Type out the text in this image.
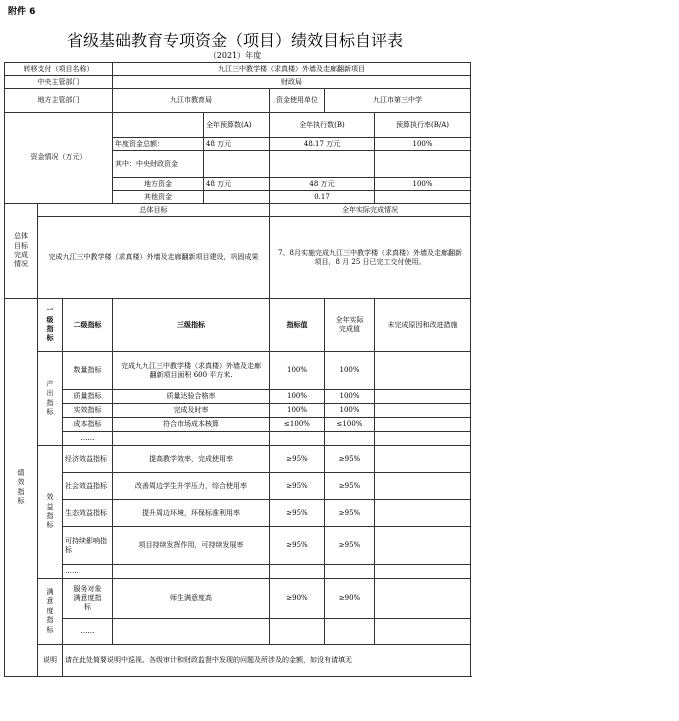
附件 6
省级基础教育专项资金（项目）绩效目标自评表
（2021）年度
转移支付（项目名称）			九江三中教学楼（求真楼）外墙及走廊翻新项目				
中央主管部门			财政局				
地方主管部门			九江市教育局		资金使用单位	九江市第三中学	

资金情况（万元）				全年预算数(A)	全年执行数(B)		预算执行率(B/A)
			年度资金总额：	48 万元	48.17 万元		100%
			其中：中央财政资金				
			地方资金	48 万元	48 万元		100%
			其他资金		0.17		

总体目标完成情况	总体目标				全年实际完成情况		

	完成九江三中教学楼（求真楼）外墙及走廊翻新项目建设，巩固成果				7、8月实施完成九江三中教学楼（求真楼）外墙及走廊翻新项目，8 月 25 日已完工交付使用。		

绩效指标	一级指标	二级指标	三级指标		指标值	全年实际完成值	未完成原因和改进措施

	产出指标	数量指标	完成九九江三中教学楼（求真楼）外墙及走廊翻新项目面积 600 平方米.		100%	100%	
		质量指标	质量达验合格率		100%	100%	
		实效指标	完成及时率		100%	100%	
		成本指标	符合市场成本核算		≤100%	≤100%	
		……					

	效益指标	经济效益指标	提高教学效率，完成使用率		≥95%	≥95%	
		社会效益指标	改善周边学生升学压力，综合使用率		≥95%	≥95%	
		生态效益指标	提升周边环境，环保标准利用率		≥95%	≥95%	
		可持续影响指标	项目持续发挥作用，可持续发展率		≥95%	≥95%	
		……					

	满意度指标	服务对象满意度指标	师生满意度高		≥90%	≥90%	
		……					
	说明	请在此处简要说明中巡视、各级审计和财政监督中发现的问题及所涉及的金额，如没有请填无					
